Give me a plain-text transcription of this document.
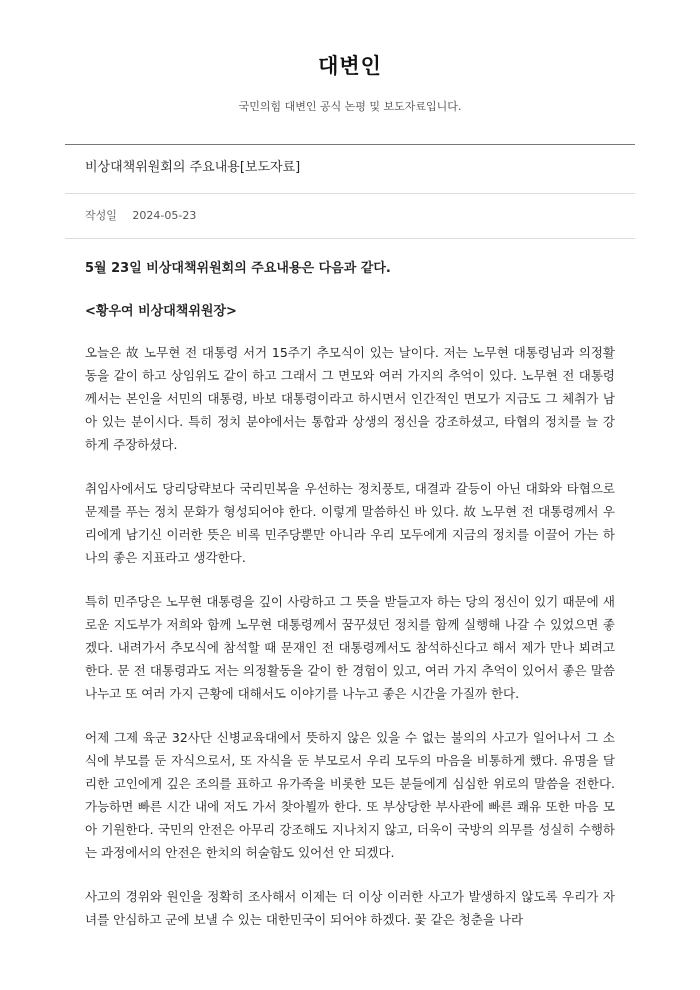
대변인
국민의힘 대변인 공식 논평 및 보도자료입니다.
비상대책위원회의 주요내용[보도자료]
작성일 2024-05-23

5월 23일 비상대책위원회의 주요내용은 다음과 같다.

<황우여 비상대책위원장>

오늘은 故 노무현 전 대통령 서거 15주기 추모식이 있는 날이다. 저는 노무현 대통령님과 의정활동을 같이 하고 상임위도 같이 하고 그래서 그 면모와 여러 가지의 추억이 있다. 노무현 전 대통령께서는 본인을 서민의 대통령, 바보 대통령이라고 하시면서 인간적인 면모가 지금도 그 체취가 남아 있는 분이시다. 특히 정치 분야에서는 통합과 상생의 정신을 강조하셨고, 타협의 정치를 늘 강하게 주장하셨다.

취임사에서도 당리당략보다 국리민복을 우선하는 정치풍토, 대결과 갈등이 아닌 대화와 타협으로 문제를 푸는 정치 문화가 형성되어야 한다. 이렇게 말씀하신 바 있다. 故 노무현 전 대통령께서 우리에게 남기신 이러한 뜻은 비록 민주당뿐만 아니라 우리 모두에게 지금의 정치를 이끌어 가는 하나의 좋은 지표라고 생각한다.

특히 민주당은 노무현 대통령을 깊이 사랑하고 그 뜻을 받들고자 하는 당의 정신이 있기 때문에 새로운 지도부가 저희와 함께 노무현 대통령께서 꿈꾸셨던 정치를 함께 실행해 나갈 수 있었으면 좋겠다. 내려가서 추모식에 참석할 때 문재인 전 대통령께서도 참석하신다고 해서 제가 만나 뵈려고 한다. 문 전 대통령과도 저는 의정활동을 같이 한 경험이 있고, 여러 가지 추억이 있어서 좋은 말씀 나누고 또 여러 가지 근황에 대해서도 이야기를 나누고 좋은 시간을 가질까 한다.

어제 그제 육군 32사단 신병교육대에서 뜻하지 않은 있을 수 없는 불의의 사고가 일어나서 그 소식에 부모를 둔 자식으로서, 또 자식을 둔 부모로서 우리 모두의 마음을 비통하게 했다. 유명을 달리한 고인에게 깊은 조의를 표하고 유가족을 비롯한 모든 분들에게 심심한 위로의 말씀을 전한다. 가능하면 빠른 시간 내에 저도 가서 찾아뵐까 한다. 또 부상당한 부사관에 빠른 쾌유 또한 마음 모아 기원한다. 국민의 안전은 아무리 강조해도 지나치지 않고, 더욱이 국방의 의무를 성실히 수행하는 과정에서의 안전은 한치의 허술함도 있어선 안 되겠다.

사고의 경위와 원인을 정확히 조사해서 이제는 더 이상 이러한 사고가 발생하지 않도록 우리가 자녀를 안심하고 군에 보낼 수 있는 대한민국이 되어야 하겠다. 꽃 같은 청춘을 나라
